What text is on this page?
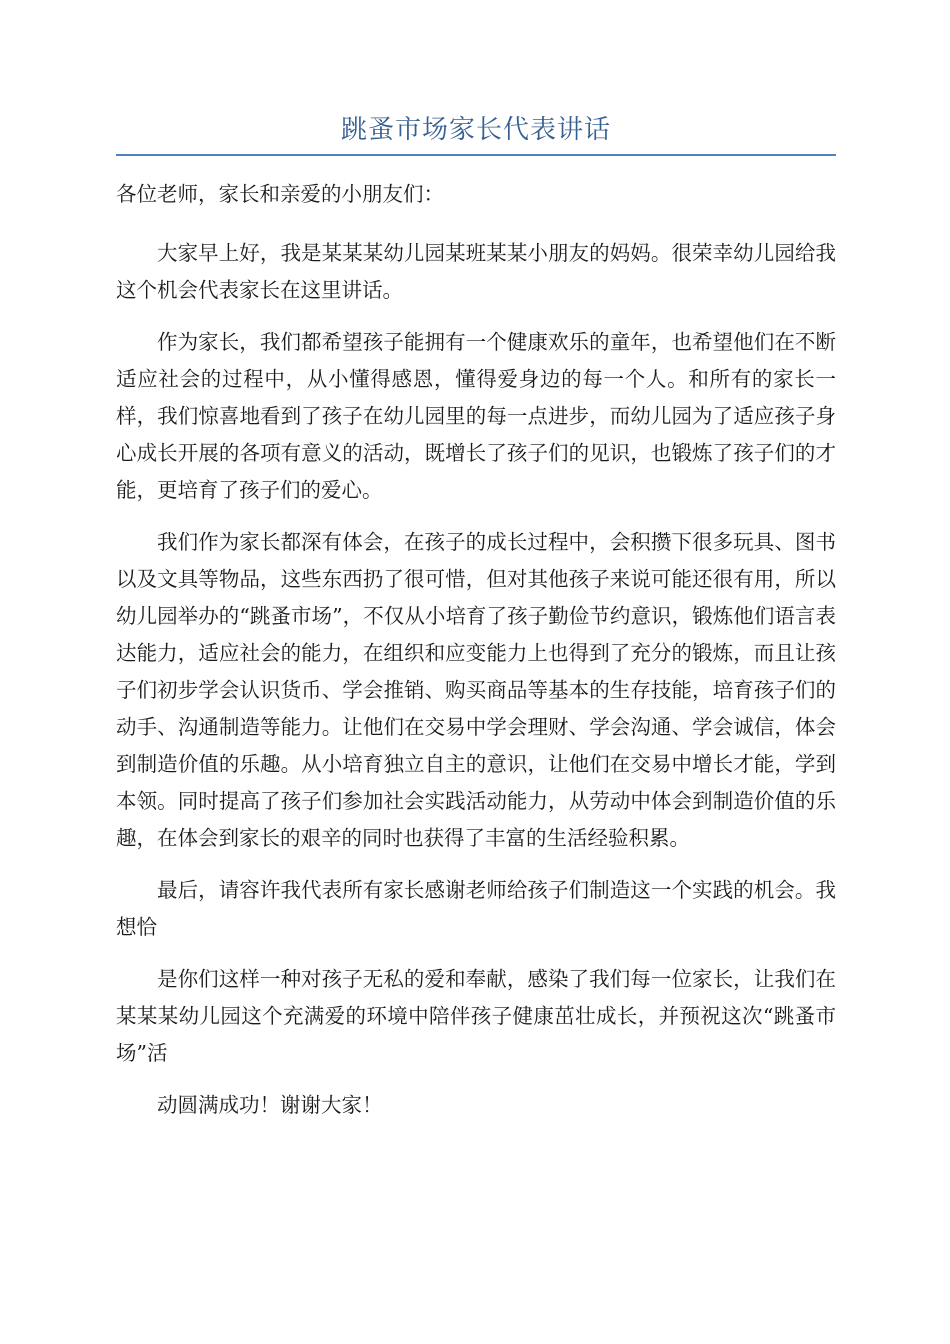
跳蚤市场家长代表讲话

各位老师，家长和亲爱的小朋友们：

大家早上好，我是某某某幼儿园某班某某小朋友的妈妈。很荣幸幼儿园给我这个机会代表家长在这里讲话。

作为家长，我们都希望孩子能拥有一个健康欢乐的童年，也希望他们在不断适应社会的过程中，从小懂得感恩，懂得爱身边的每一个人。和所有的家长一样，我们惊喜地看到了孩子在幼儿园里的每一点进步，而幼儿园为了适应孩子身心成长开展的各项有意义的活动，既增长了孩子们的见识，也锻炼了孩子们的才能，更培育了孩子们的爱心。

我们作为家长都深有体会，在孩子的成长过程中，会积攒下很多玩具、图书以及文具等物品，这些东西扔了很可惜，但对其他孩子来说可能还很有用，所以幼儿园举办的“跳蚤市场”，不仅从小培育了孩子勤俭节约意识，锻炼他们语言表达能力，适应社会的能力，在组织和应变能力上也得到了充分的锻炼，而且让孩子们初步学会认识货币、学会推销、购买商品等基本的生存技能，培育孩子们的动手、沟通制造等能力。让他们在交易中学会理财、学会沟通、学会诚信，体会到制造价值的乐趣。从小培育独立自主的意识，让他们在交易中增长才能，学到本领。同时提高了孩子们参加社会实践活动能力，从劳动中体会到制造价值的乐趣，在体会到家长的艰辛的同时也获得了丰富的生活经验积累。

最后，请容许我代表所有家长感谢老师给孩子们制造这一个实践的机会。我想恰

是你们这样一种对孩子无私的爱和奉献，感染了我们每一位家长，让我们在某某某幼儿园这个充满爱的环境中陪伴孩子健康茁壮成长，并预祝这次“跳蚤市场”活

动圆满成功！谢谢大家！
